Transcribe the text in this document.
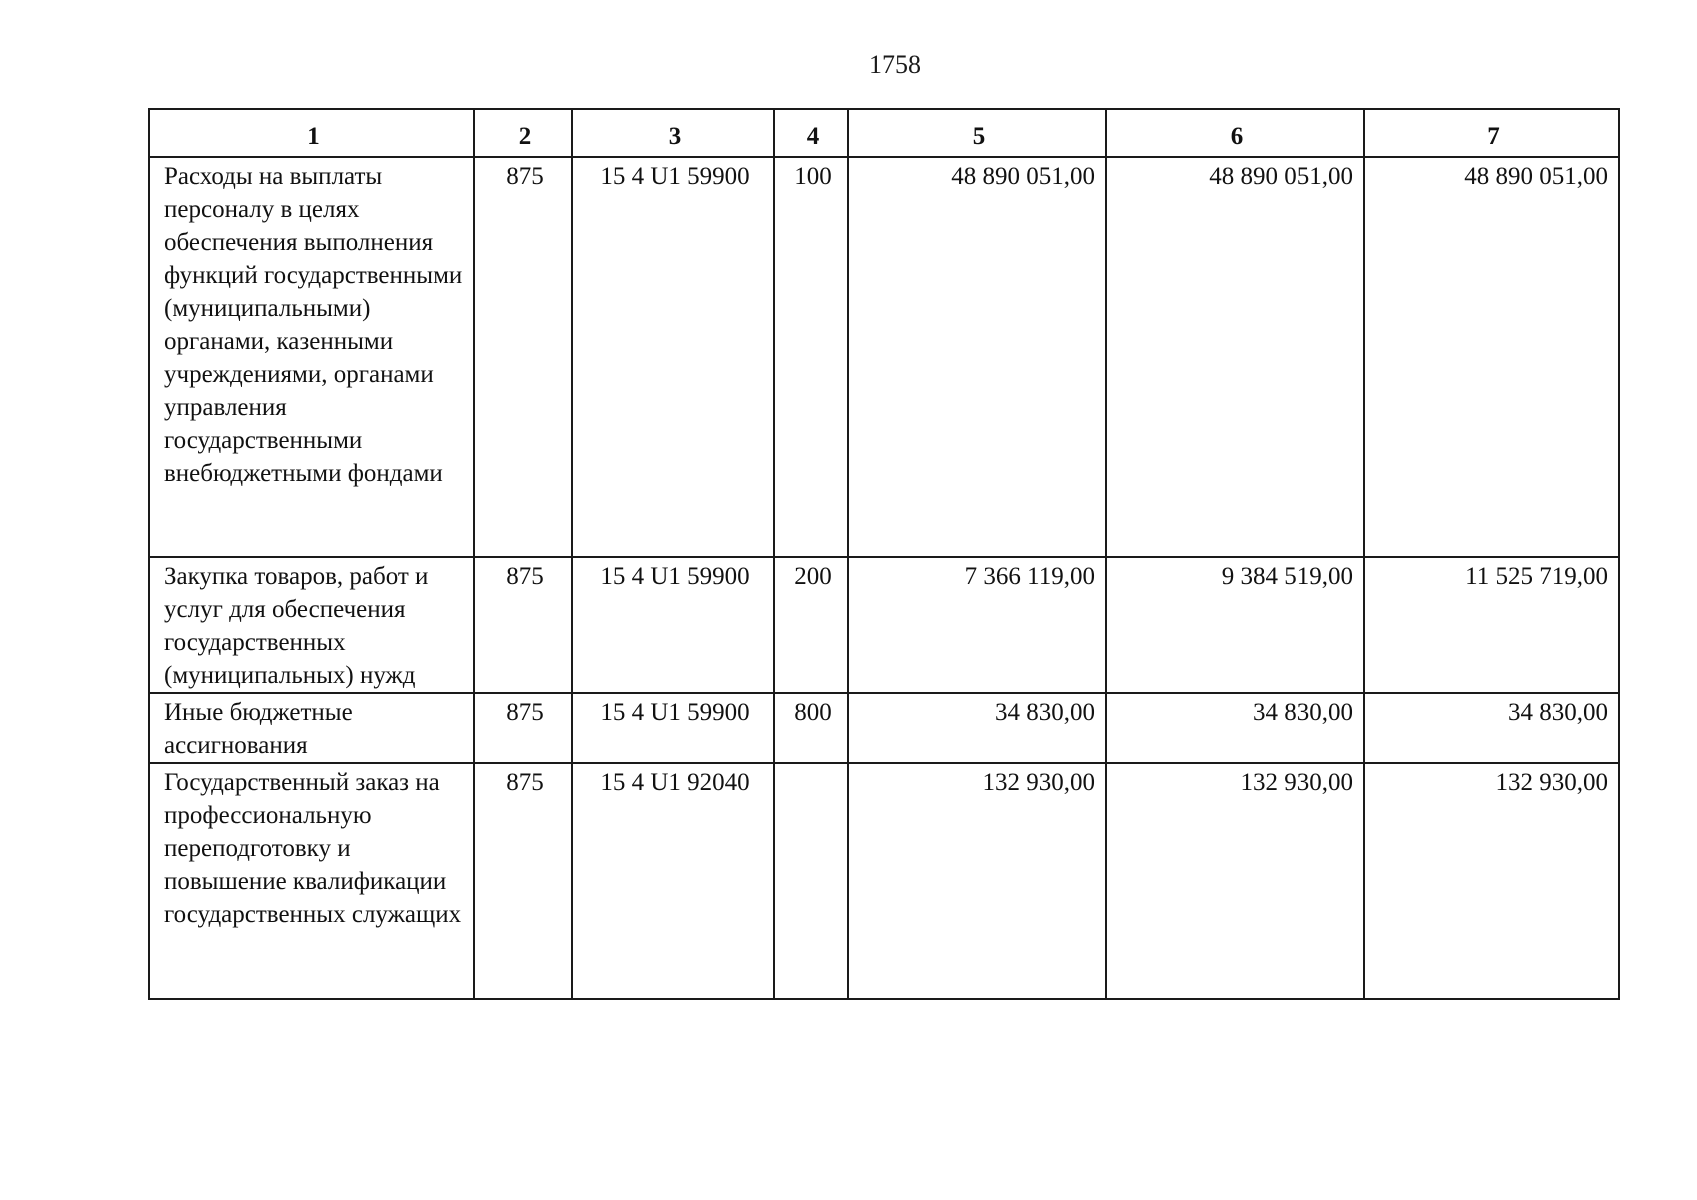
1758
1	2	3	4	5	6	7
Расходы на выплаты персоналу в целях обеспечения выполнения функций государственными (муниципальными) органами, казенными учреждениями, органами управления государственными внебюджетными фондами	875	15 4 U1 59900	100	48 890 051,00	48 890 051,00	48 890 051,00
Закупка товаров, работ и услуг для обеспечения государственных (муниципальных) нужд	875	15 4 U1 59900	200	7 366 119,00	9 384 519,00	11 525 719,00
Иные бюджетные ассигнования	875	15 4 U1 59900	800	34 830,00	34 830,00	34 830,00
Государственный заказ на профессиональную переподготовку и повышение квалификации государственных служащих	875	15 4 U1 92040		132 930,00	132 930,00	132 930,00
